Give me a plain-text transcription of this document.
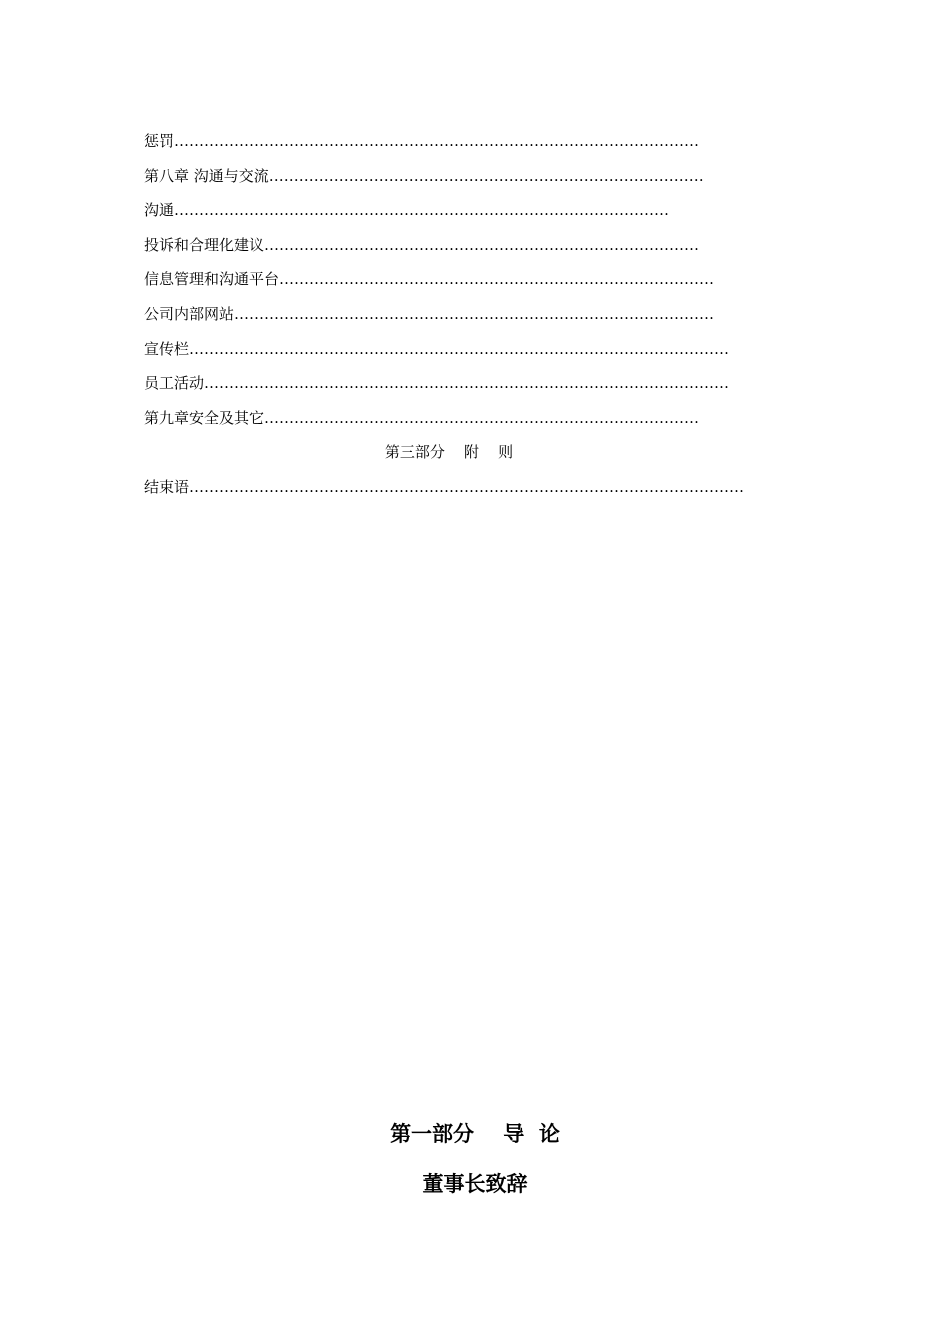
惩罚……………………………………………………………………………………………
第八章 沟通与交流……………………………………………………………………………
沟通………………………………………………………………………………………
投诉和合理化建议……………………………………………………………………………
信息管理和沟通平台……………………………………………………………………………
公司内部网站……………………………………………………………………………………
宣传栏………………………………………………………………………………………………
员工活动……………………………………………………………………………………………
第九章安全及其它……………………………………………………………………………
第三部分    附    则
结束语…………………………………………………………………………………………………
第一部分    导  论
董事长致辞
